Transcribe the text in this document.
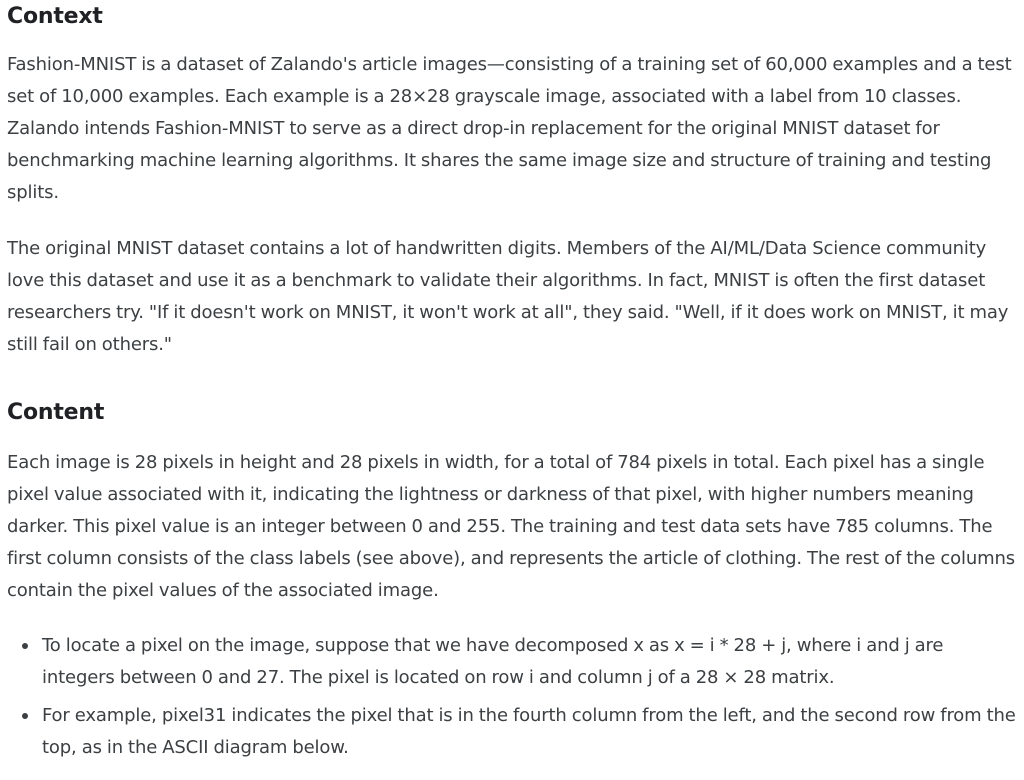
Context

Fashion-MNIST is a dataset of Zalando's article images—consisting of a training set of 60,000 examples and a test set of 10,000 examples. Each example is a 28×28 grayscale image, associated with a label from 10 classes. Zalando intends Fashion-MNIST to serve as a direct drop-in replacement for the original MNIST dataset for benchmarking machine learning algorithms. It shares the same image size and structure of training and testing splits.

The original MNIST dataset contains a lot of handwritten digits. Members of the AI/ML/Data Science community love this dataset and use it as a benchmark to validate their algorithms. In fact, MNIST is often the first dataset researchers try. "If it doesn't work on MNIST, it won't work at all", they said. "Well, if it does work on MNIST, it may still fail on others."

Content

Each image is 28 pixels in height and 28 pixels in width, for a total of 784 pixels in total. Each pixel has a single pixel value associated with it, indicating the lightness or darkness of that pixel, with higher numbers meaning darker. This pixel value is an integer between 0 and 255. The training and test data sets have 785 columns. The first column consists of the class labels (see above), and represents the article of clothing. The rest of the columns contain the pixel values of the associated image.

To locate a pixel on the image, suppose that we have decomposed x as x = i * 28 + j, where i and j are integers between 0 and 27. The pixel is located on row i and column j of a 28 × 28 matrix.
For example, pixel31 indicates the pixel that is in the fourth column from the left, and the second row from the top, as in the ASCII diagram below.
